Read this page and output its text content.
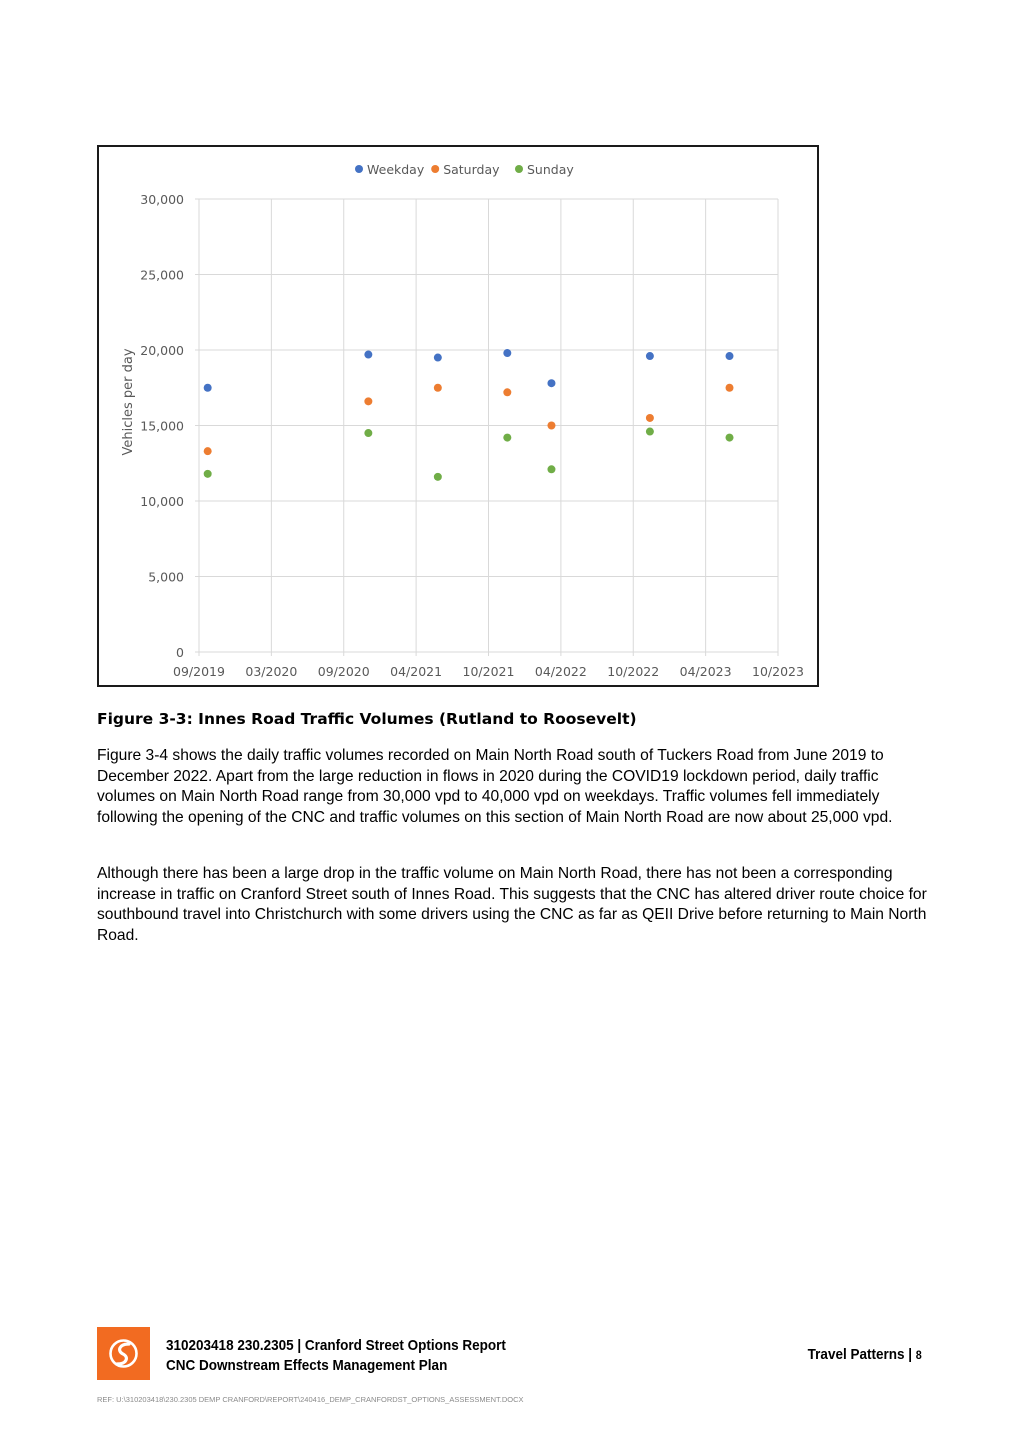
0
5,000
10,000
15,000
20,000
25,000
30,000
09/2019 03/2020 09/2020 04/2021 10/2021 04/2022 10/2022 04/2023 10/2023
Weekday Saturday Sunday
Vehicles per day
Figure 3-3: Innes Road Traffic Volumes (Rutland to Roosevelt)

Figure 3-4 shows the daily traffic volumes recorded on Main North Road south of Tuckers Road from June 2019 to December 2022. Apart from the large reduction in flows in 2020 during the COVID19 lockdown period, daily traffic volumes on Main North Road range from 30,000 vpd to 40,000 vpd on weekdays. Traffic volumes fell immediately following the opening of the CNC and traffic volumes on this section of Main North Road are now about 25,000 vpd.

Although there has been a large drop in the traffic volume on Main North Road, there has not been a corresponding increase in traffic on Cranford Street south of Innes Road. This suggests that the CNC has altered driver route choice for southbound travel into Christchurch with some drivers using the CNC as far as QEII Drive before returning to Main North Road.

310203418 230.2305 | Cranford Street Options Report
CNC Downstream Effects Management Plan
Travel Patterns | 8
REF: U:\310203418\230.2305 DEMP CRANFORD\REPORT\240416_DEMP_CRANFORDST_OPTIONS_ASSESSMENT.DOCX
